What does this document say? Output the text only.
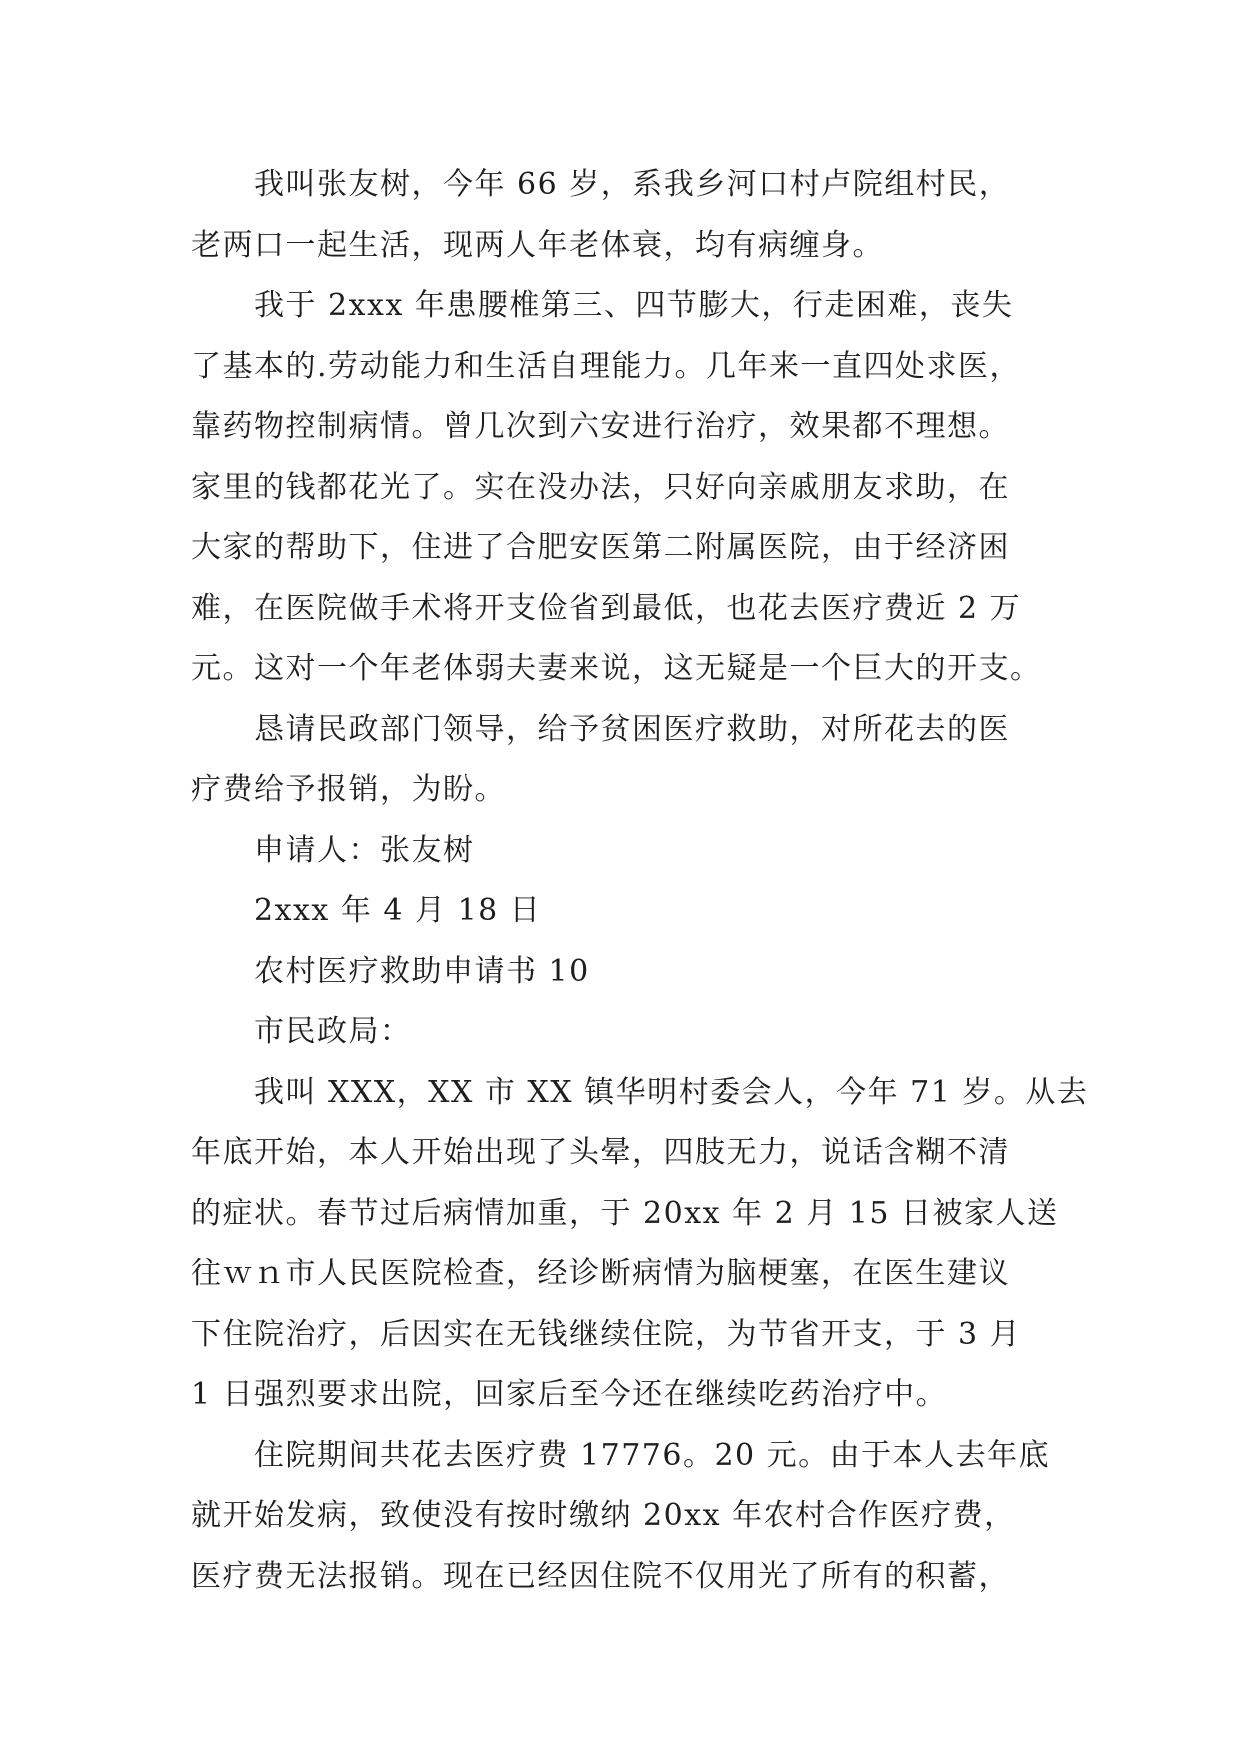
我叫张友树，今年 66 岁，系我乡河口村卢院组村民，
老两口一起生活，现两人年老体衰，均有病缠身。
我于 2xxx 年患腰椎第三、四节膨大，行走困难，丧失
了基本的.劳动能力和生活自理能力。几年来一直四处求医，
靠药物控制病情。曾几次到六安进行治疗，效果都不理想。
家里的钱都花光了。实在没办法，只好向亲戚朋友求助，在
大家的帮助下，住进了合肥安医第二附属医院，由于经济困
难，在医院做手术将开支俭省到最低，也花去医疗费近 2 万
元。这对一个年老体弱夫妻来说，这无疑是一个巨大的开支。
恳请民政部门领导，给予贫困医疗救助，对所花去的医
疗费给予报销，为盼。
申请人：张友树
2xxx 年 4 月 18 日
农村医疗救助申请书 10
市民政局：
我叫 XXX，XX 市 XX 镇华明村委会人，今年 71 岁。从去
年底开始，本人开始出现了头晕，四肢无力，说话含糊不清
的症状。春节过后病情加重，于 20xx 年 2 月 15 日被家人送
往ｗｎ市人民医院检查，经诊断病情为脑梗塞，在医生建议
下住院治疗，后因实在无钱继续住院，为节省开支，于 3 月
1 日强烈要求出院，回家后至今还在继续吃药治疗中。
住院期间共花去医疗费 17776。20 元。由于本人去年底
就开始发病，致使没有按时缴纳 20xx 年农村合作医疗费，
医疗费无法报销。现在已经因住院不仅用光了所有的积蓄，
